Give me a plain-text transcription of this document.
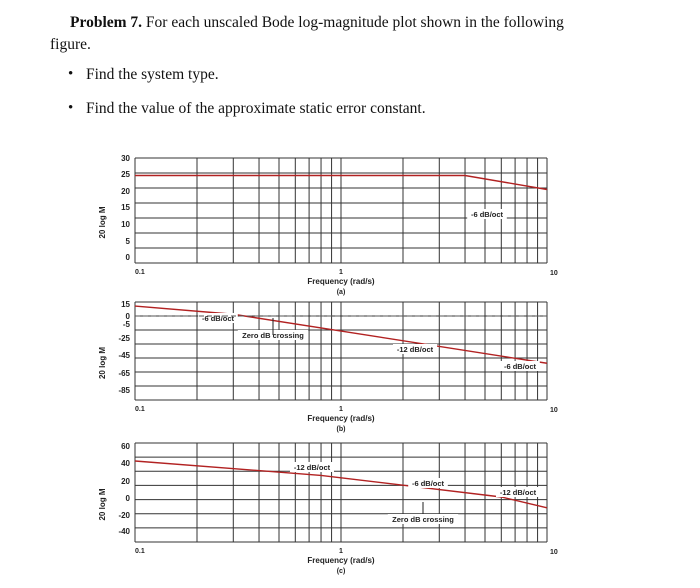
Problem 7. For each unscaled Bode log-magnitude plot shown in the following
figure.
• Find the system type.
• Find the value of the approximate static error constant.
30
25
20
15
10
5
0
20 log M
0.1	1	10
Frequency (rad/s)
(a)
15
0
-5
-25
-45
-65
-85
20 log M
0.1	1	10
Frequency (rad/s)
(b)
60
40
20
0
-20
-40
20 log M
0.1	1	10
Frequency (rad/s)
(c)
-6 dB/oct
-6 dB/oct
Zero dB crossing
-12 dB/oct
-6 dB/oct
-12 dB/oct
-6 dB/oct
Zero dB crossing
-12 dB/oct
